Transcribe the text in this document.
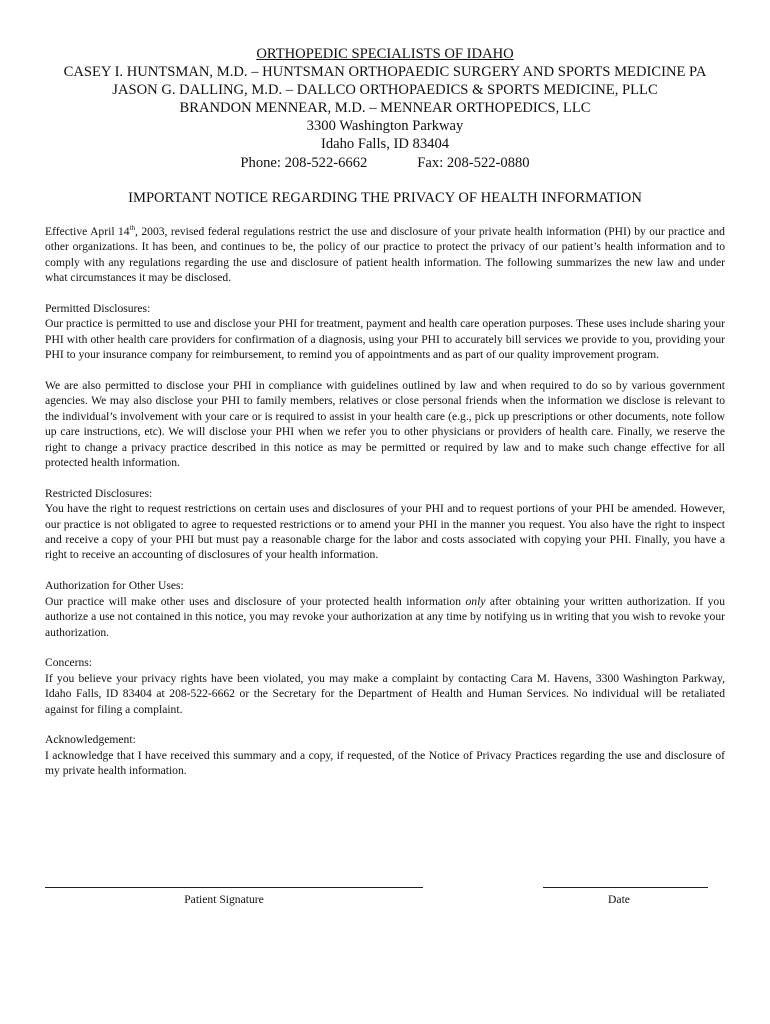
ORTHOPEDIC SPECIALISTS OF IDAHO
CASEY I. HUNTSMAN, M.D. – HUNTSMAN ORTHOPAEDIC SURGERY AND SPORTS MEDICINE PA
JASON G. DALLING, M.D. – DALLCO ORTHOPAEDICS & SPORTS MEDICINE, PLLC
BRANDON MENNEAR, M.D. – MENNEAR ORTHOPEDICS, LLC
3300 Washington Parkway
Idaho Falls, ID 83404
Phone: 208-522-6662	Fax: 208-522-0880
IMPORTANT NOTICE REGARDING THE PRIVACY OF HEALTH INFORMATION

Effective April 14th, 2003, revised federal regulations restrict the use and disclosure of your private health information (PHI) by our practice and other organizations. It has been, and continues to be, the policy of our practice to protect the privacy of our patient’s health information and to comply with any regulations regarding the use and disclosure of patient health information. The following summarizes the new law and under what circumstances it may be disclosed.

Permitted Disclosures:

Our practice is permitted to use and disclose your PHI for treatment, payment and health care operation purposes. These uses include sharing your PHI with other health care providers for confirmation of a diagnosis, using your PHI to accurately bill services we provide to you, providing your PHI to your insurance company for reimbursement, to remind you of appointments and as part of our quality improvement program.

We are also permitted to disclose your PHI in compliance with guidelines outlined by law and when required to do so by various government agencies. We may also disclose your PHI to family members, relatives or close personal friends when the information we disclose is relevant to the individual’s involvement with your care or is required to assist in your health care (e.g., pick up prescriptions or other documents, note follow up care instructions, etc). We will disclose your PHI when we refer you to other physicians or providers of health care. Finally, we reserve the right to change a privacy practice described in this notice as may be permitted or required by law and to make such change effective for all protected health information.

Restricted Disclosures:

You have the right to request restrictions on certain uses and disclosures of your PHI and to request portions of your PHI be amended. However, our practice is not obligated to agree to requested restrictions or to amend your PHI in the manner you request. You also have the right to inspect and receive a copy of your PHI but must pay a reasonable charge for the labor and costs associated with copying your PHI. Finally, you have a right to receive an accounting of disclosures of your health information.

Authorization for Other Uses:

Our practice will make other uses and disclosure of your protected health information only after obtaining your written authorization. If you authorize a use not contained in this notice, you may revoke your authorization at any time by notifying us in writing that you wish to revoke your authorization.

Concerns:

If you believe your privacy rights have been violated, you may make a complaint by contacting Cara M. Havens, 3300 Washington Parkway, Idaho Falls, ID 83404 at 208-522-6662 or the Secretary for the Department of Health and Human Services. No individual will be retaliated against for filing a complaint.

Acknowledgement:

I acknowledge that I have received this summary and a copy, if requested, of the Notice of Privacy Practices regarding the use and disclosure of my private health information.

Patient Signature	Date
